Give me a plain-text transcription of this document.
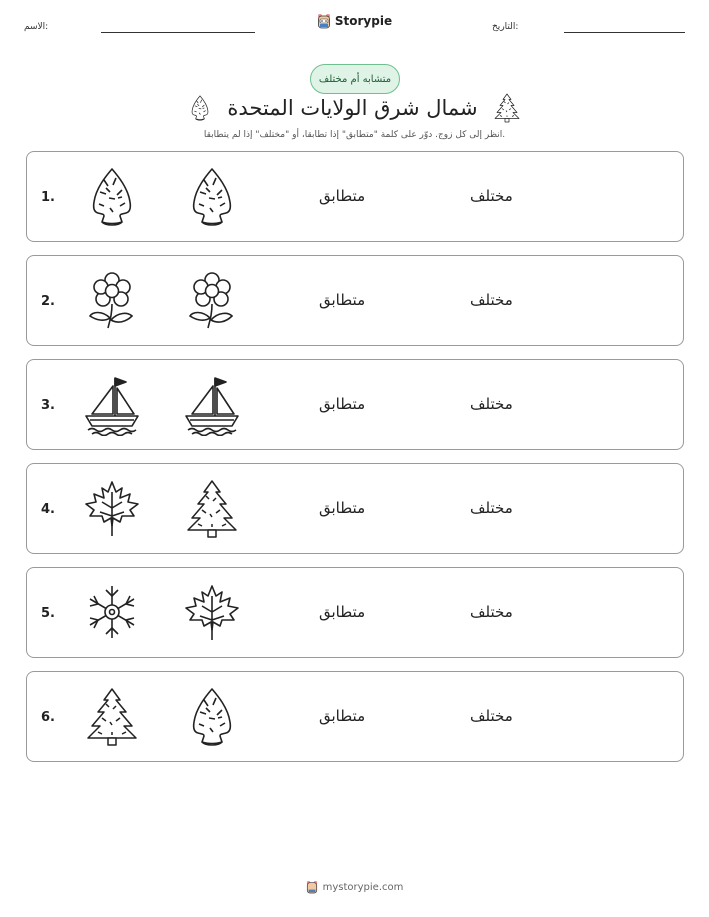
الاسم:	Storypie	التاريخ:
متشابه أم مختلف
شمال شرق الولايات المتحدة
انظر إلى كل زوج. دوّر على كلمة "متطابق" إذا تطابقا، أو "مختلف" إذا لم يتطابقا.
1.	متطابق	مختلف
2.	متطابق	مختلف
3.	متطابق	مختلف
4.	متطابق	مختلف
5.	متطابق	مختلف
6.	متطابق	مختلف
mystorypie.com
